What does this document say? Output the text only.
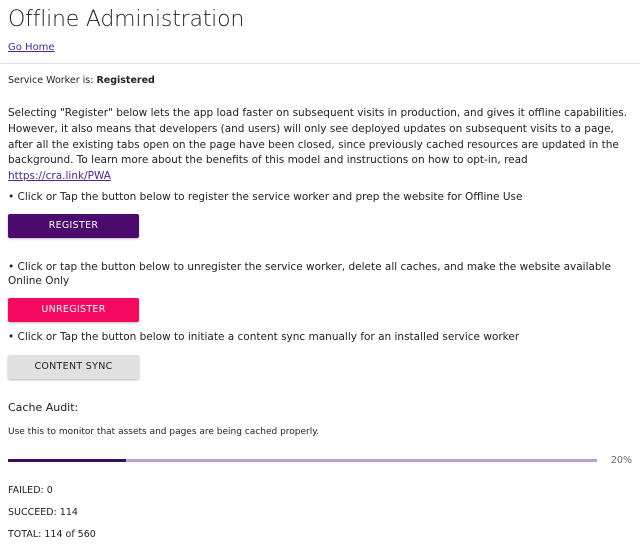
Offline Administration
Go Home
Service Worker is: Registered

Selecting "Register" below lets the app load faster on subsequent visits in production, and gives it offline capabilities. However, it also means that developers (and users) will only see deployed updates on subsequent visits to a page, after all the existing tabs open on the page have been closed, since previously cached resources are updated in the background. To learn more about the benefits of this model and instructions on how to opt-in, read https://cra.link/PWA

• Click or Tap the button below to register the service worker and prep the website for Offline Use

REGISTER

• Click or tap the button below to unregister the service worker, delete all caches, and make the website available Online Only

UNREGISTER

• Click or Tap the button below to initiate a content sync manually for an installed service worker

CONTENT SYNC

Cache Audit:

Use this to monitor that assets and pages are being cached properly.

20%

FAILED: 0

SUCCEED: 114

TOTAL: 114 of 560
